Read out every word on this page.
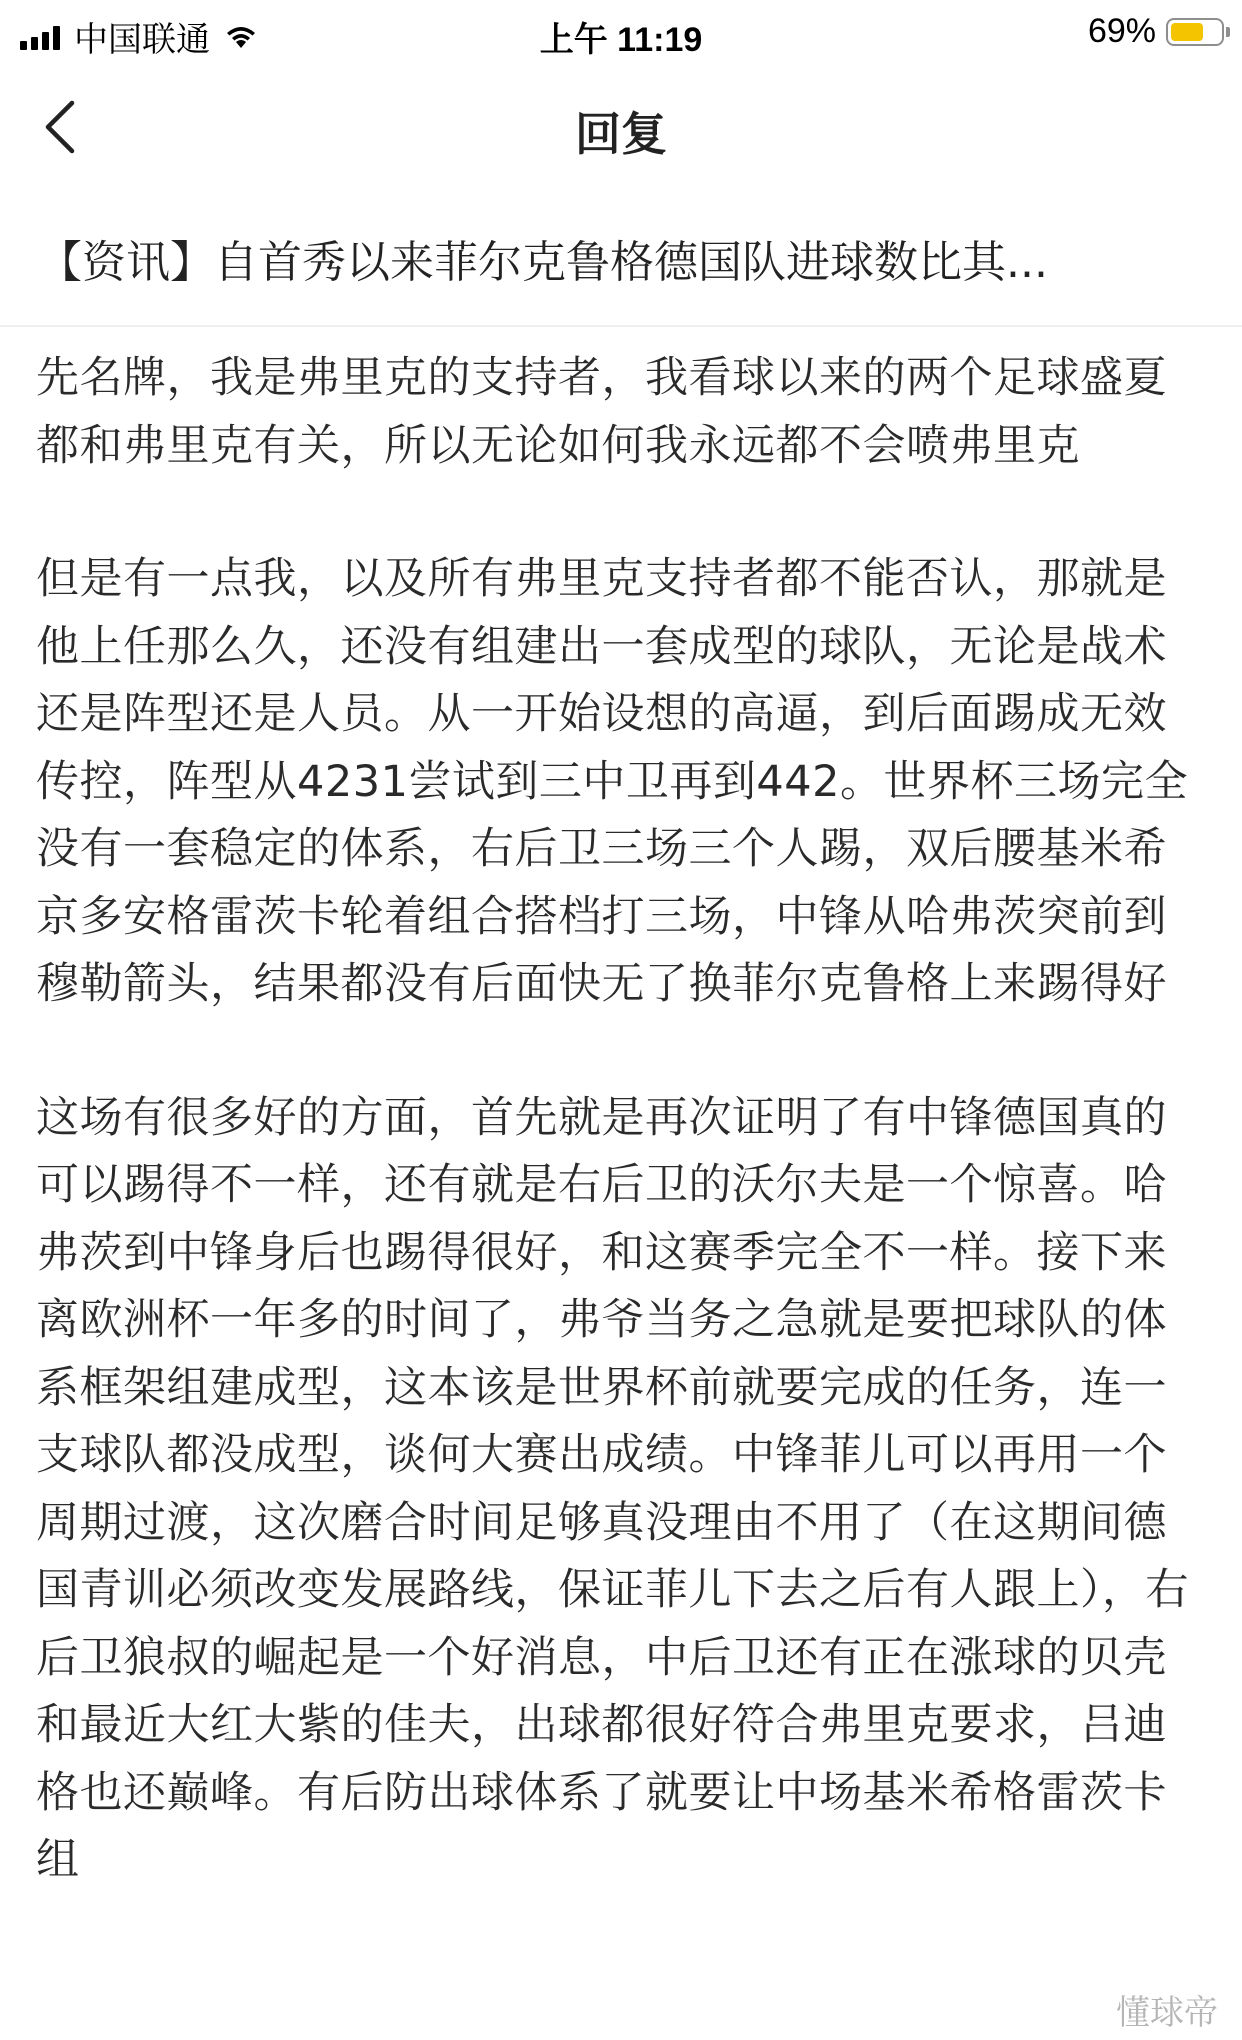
中国联通	上午 11:19	69%
回复
【资讯】自首秀以来菲尔克鲁格德国队进球数比其...

先名牌，我是弗里克的支持者，我看球以来的两个足球盛夏都和弗里克有关，所以无论如何我永远都不会喷弗里克

但是有一点我，以及所有弗里克支持者都不能否认，那就是他上任那么久，还没有组建出一套成型的球队，无论是战术还是阵型还是人员。从一开始设想的高逼，到后面踢成无效传控，阵型从4231尝试到三中卫再到442。世界杯三场完全没有一套稳定的体系，右后卫三场三个人踢，双后腰基米希京多安格雷茨卡轮着组合搭档打三场，中锋从哈弗茨突前到穆勒箭头，结果都没有后面快无了换菲尔克鲁格上来踢得好

这场有很多好的方面，首先就是再次证明了有中锋德国真的可以踢得不一样，还有就是右后卫的沃尔夫是一个惊喜。哈弗茨到中锋身后也踢得很好，和这赛季完全不一样。接下来离欧洲杯一年多的时间了，弗爷当务之急就是要把球队的体系框架组建成型，这本该是世界杯前就要完成的任务，连一支球队都没成型，谈何大赛出成绩。中锋菲儿可以再用一个周期过渡，这次磨合时间足够真没理由不用了（在这期间德国青训必须改变发展路线，保证菲儿下去之后有人跟上），右后卫狼叔的崛起是一个好消息，中后卫还有正在涨球的贝壳和最近大红大紫的佳夫，出球都很好符合弗里克要求，吕迪格也还巅峰。有后防出球体系了就要让中场基米希格雷茨卡组

懂球帝
